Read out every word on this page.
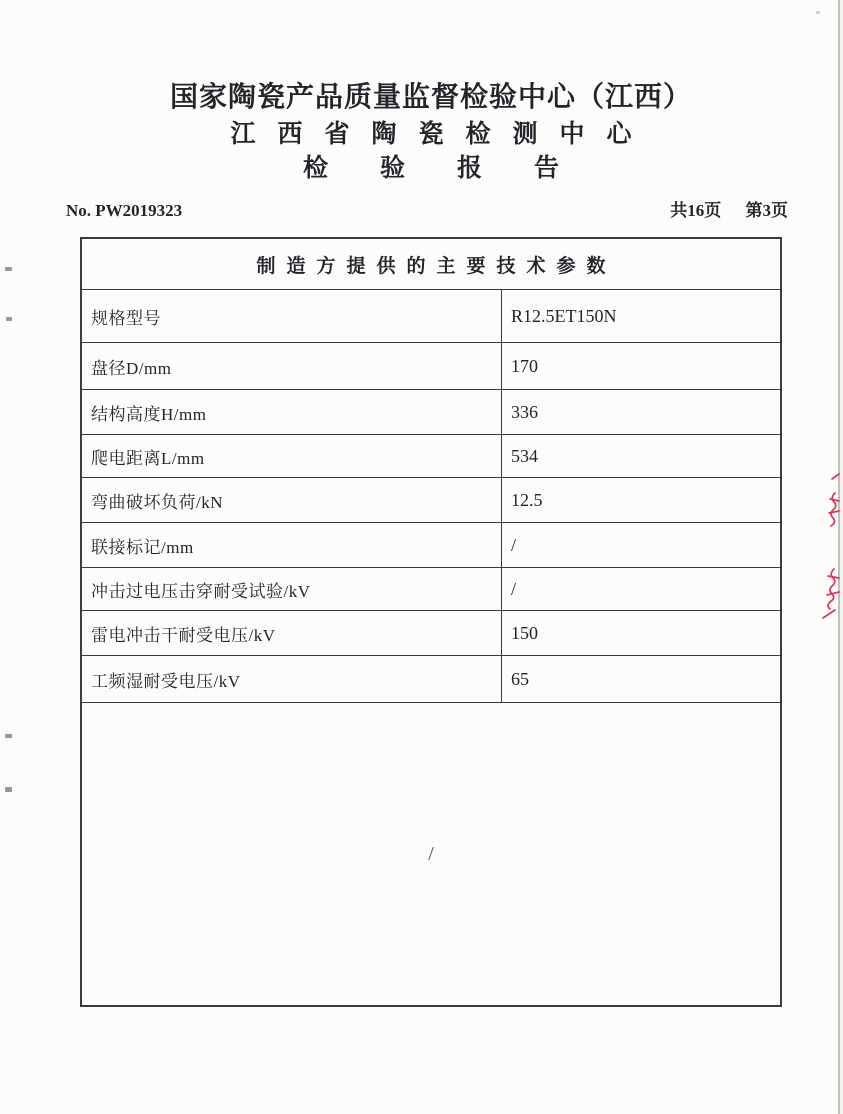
国家陶瓷产品质量监督检验中心（江西）
江西省陶瓷检测中心
检验报告
No. PW2019323	共16页 第3页
制造方提供的主要技术参数
规格型号	R12.5ET150N
盘径D/mm	170
结构高度H/mm	336
爬电距离L/mm	534
弯曲破坏负荷/kN	12.5
联接标记/mm	/
冲击过电压击穿耐受试验/kV	/
雷电冲击干耐受电压/kV	150
工频湿耐受电压/kV	65
/
